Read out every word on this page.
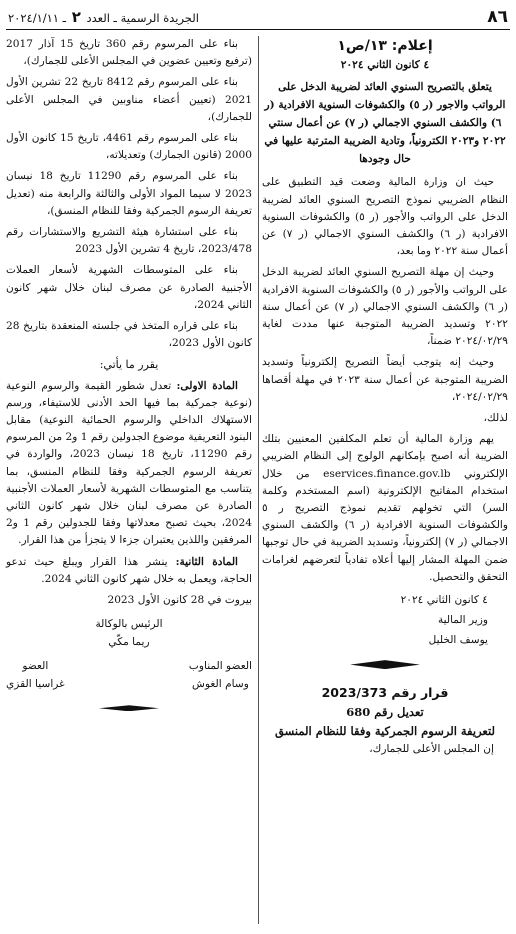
٨٦
الجريدة الرسمية ـ العدد ٢ ـ ٢٠٢٤/١/١١
إعلام: ١٣/ص١
٤ كانون الثاني ٢٠٢٤
يتعلق بالتصريح السنوي العائد لضريبة الدخل على الرواتب والاجور (ر ٥) والكشوفات السنوية الافرادية (ر ٦) والكشف السنوي الاجمالي (ر ٧) عن أعمال سنتي ٢٠٢٢ و٢٠٢٣ الكترونياً، وتادية الضريبة المترتبة عليها في حال وجودها

حيث ان وزارة المالية وضعت قيد التطبيق على النظام الضريبي نموذج التصريح السنوي العائد لضريبة الدخل على الرواتب والأجور (ر ٥) والكشوفات السنوية الافرادية (ر ٦) والكشف السنوي الاجمالي (ر ٧) عن أعمال سنة ٢٠٢٢ وما بعد،

وحيث إن مهلة التصريح السنوي العائد لضريبة الدخل على الرواتب والأجور (ر ٥) والكشوفات السنوية الافرادية (ر ٦) والكشف السنوي الاجمالي (ر ٧) عن أعمال سنة ٢٠٢٢ وتسديد الضريبة المتوجبة عنها مددت لغاية ٢٠٢٤/٠٢/٢٩ ضمناً،

وحيث إنه يتوجب أيضاً التصريح إلكترونياً وتسديد الضريبة المتوجبة عن أعمال سنة ٢٠٢٣ في مهلة أقصاها ٢٠٢٤/٠٢/٢٩،

لذلك،

يهم وزارة المالية أن تعلم المكلفين المعنيين بتلك الضريبة أنه اصبح بإمكانهم الولوج إلى النظام الضريبي الإلكتروني eservices.finance.gov.lb من خلال استخدام المفاتيح الإلكترونية (اسم المستخدم وكلمة السر) التي تخولهم تقديم نموذج التصريح ر ٥ والكشوفات السنوية الافرادية (ر ٦) والكشف السنوي الاجمالي (ر ٧) إلكترونياً، وتسديد الضريبة في حال توجبها ضمن المهلة المشار إليها أعلاه تفادياً لتعرضهم لغرامات التحقق والتحصيل.

٤ كانون الثاني ٢٠٢٤
وزير المالية
يوسف الخليل
قرار رقم 2023/373
تعديل رقم 680
لتعريفة الرسوم الجمركية وفقا للنظام المنسق

إن المجلس الأعلى للجمارك،

بناء على المرسوم رقم 360 تاريخ 15 آذار 2017 (ترفيع وتعيين عضوين في المجلس الأعلى للجمارك)،

بناء على المرسوم رقم 8412 تاريخ 22 تشرين الأول 2021 (تعيين أعضاء مناوبين في المجلس الأعلى للجمارك)،

بناء على المرسوم رقم 4461، تاريخ 15 كانون الأول 2000 (قانون الجمارك) وتعديلاته،

بناء على المرسوم رقم 11290 تاريخ 18 نيسان 2023 لا سيما المواد الأولى والثالثة والرابعة منه (تعديل تعريفة الرسوم الجمركية وفقا للنظام المنسق)،

بناء على استشارة هيئة التشريع والاستشارات رقم 2023/478، تاريخ 4 تشرين الأول 2023

بناء على المتوسطات الشهرية لأسعار العملات الأجنبية الصادرة عن مصرف لبنان خلال شهر كانون الثاني 2024،

بناء على قراره المتخذ في جلسته المنعقدة بتاريخ 28 كانون الأول 2023،

يقرر ما يأتي:

المادة الاولى: تعدل شطور القيمة والرسوم النوعية (نوعية جمركية بما فيها الحد الأدنى للاستيفاء، ورسم الاستهلاك الداخلي والرسوم الحمائية النوعية) مقابل البنود التعريفية موضوع الجدولين رقم 1 و2 من المرسوم رقم 11290، تاريخ 18 نيسان 2023، والواردة في تعريفة الرسوم الجمركية وفقا للنظام المنسق، بما يتناسب مع المتوسطات الشهرية لأسعار العملات الأجنبية الصادرة عن مصرف لبنان خلال شهر كانون الثاني 2024، بحيث تصبح معدلاتها وفقا للجدولين رقم 1 و2 المرفقين واللذين يعتبران جزءا لا يتجزأ من هذا القرار.

المادة الثانية: ينشر هذا القرار ويبلغ حيث تدعو الحاجة، ويعمل به خلال شهر كانون الثاني 2024.

بيروت في 28 كانون الأول 2023
الرئيس بالوكالة
ريما مكّي
العضو المناوب
وسام الغوش
العضو
غراسيا القزي
